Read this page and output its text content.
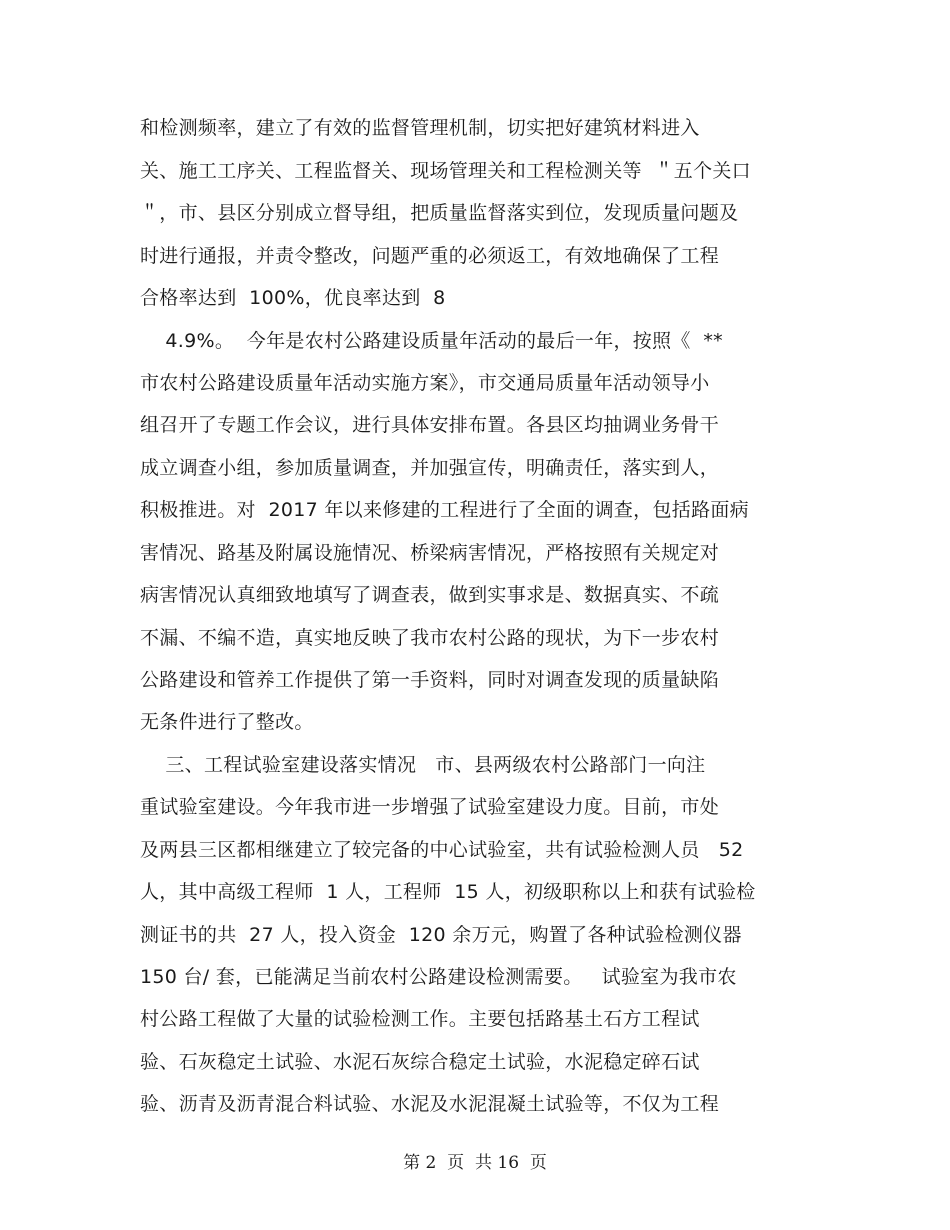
和检测频率，建立了有效的监督管理机制，切实把好建筑材料进入
关、施工工序关、工程监督关、现场管理关和工程检测关等  ＂五个关口
＂，市、县区分别成立督导组，把质量监督落实到位，发现质量问题及
时进行通报，并责令整改，问题严重的必须返工，有效地确保了工程
合格率达到  100%，优良率达到  8
4.9%。  今年是农村公路建设质量年活动的最后一年，按照《  **
市农村公路建设质量年活动实施方案》，市交通局质量年活动领导小
组召开了专题工作会议，进行具体安排布置。各县区均抽调业务骨干
成立调查小组，参加质量调查，并加强宣传，明确责任，落实到人，
积极推进。对  2017 年以来修建的工程进行了全面的调查，包括路面病
害情况、路基及附属设施情况、桥梁病害情况，严格按照有关规定对
病害情况认真细致地填写了调查表，做到实事求是、数据真实、不疏
不漏、不编不造，真实地反映了我市农村公路的现状，为下一步农村
公路建设和管养工作提供了第一手资料，同时对调查发现的质量缺陷
无条件进行了整改。
三、工程试验室建设落实情况   市、县两级农村公路部门一向注
重试验室建设。今年我市进一步增强了试验室建设力度。目前，市处
及两县三区都相继建立了较完备的中心试验室，共有试验检测人员   52
人，其中高级工程师  1 人，工程师  15 人，初级职称以上和获有试验检
测证书的共  27 人，投入资金  120 余万元，购置了各种试验检测仪器
150 台/ 套，已能满足当前农村公路建设检测需要。   试验室为我市农
村公路工程做了大量的试验检测工作。主要包括路基土石方工程试
验、石灰稳定土试验、水泥石灰综合稳定土试验，水泥稳定碎石试
验、沥青及沥青混合料试验、水泥及水泥混凝土试验等，不仅为工程
第 2  页  共 16  页
